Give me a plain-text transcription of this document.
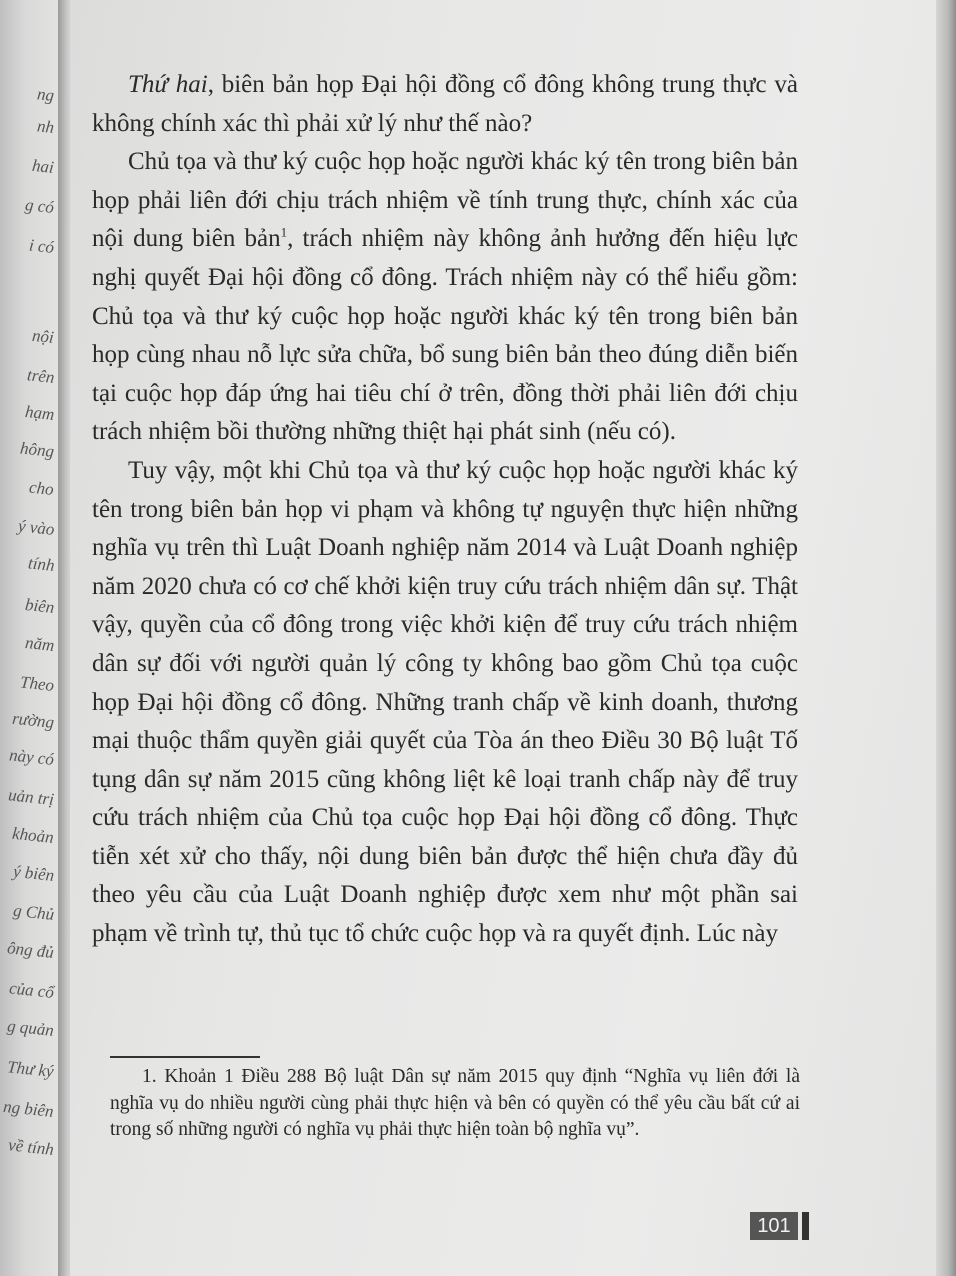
ng
nh
hai
g có
i có
nội
trên
hạm
hông
cho
ý vào
tính
biên
năm
Theo
rường
này có
uản trị
khoản
ý biên
g Chủ
ông đủ
của cổ
g quản
Thư ký
ng biên
về tính

Thứ hai, biên bản họp Đại hội đồng cổ đông không trung thực và không chính xác thì phải xử lý như thế nào?

Chủ tọa và thư ký cuộc họp hoặc người khác ký tên trong biên bản họp phải liên đới chịu trách nhiệm về tính trung thực, chính xác của nội dung biên bản$^1$, trách nhiệm này không ảnh hưởng đến hiệu lực nghị quyết Đại hội đồng cổ đông. Trách nhiệm này có thể hiểu gồm: Chủ tọa và thư ký cuộc họp hoặc người khác ký tên trong biên bản họp cùng nhau nỗ lực sửa chữa, bổ sung biên bản theo đúng diễn biến tại cuộc họp đáp ứng hai tiêu chí ở trên, đồng thời phải liên đới chịu trách nhiệm bồi thường những thiệt hại phát sinh (nếu có).

Tuy vậy, một khi Chủ tọa và thư ký cuộc họp hoặc người khác ký tên trong biên bản họp vi phạm và không tự nguyện thực hiện những nghĩa vụ trên thì Luật Doanh nghiệp năm 2014 và Luật Doanh nghiệp năm 2020 chưa có cơ chế khởi kiện truy cứu trách nhiệm dân sự. Thật vậy, quyền của cổ đông trong việc khởi kiện để truy cứu trách nhiệm dân sự đối với người quản lý công ty không bao gồm Chủ tọa cuộc họp Đại hội đồng cổ đông. Những tranh chấp về kinh doanh, thương mại thuộc thẩm quyền giải quyết của Tòa án theo Điều 30 Bộ luật Tố tụng dân sự năm 2015 cũng không liệt kê loại tranh chấp này để truy cứu trách nhiệm của Chủ tọa cuộc họp Đại hội đồng cổ đông. Thực tiễn xét xử cho thấy, nội dung biên bản được thể hiện chưa đầy đủ theo yêu cầu của Luật Doanh nghiệp được xem như một phần sai phạm về trình tự, thủ tục tổ chức cuộc họp và ra quyết định. Lúc này

1. Khoản 1 Điều 288 Bộ luật Dân sự năm 2015 quy định “Nghĩa vụ liên đới là nghĩa vụ do nhiều người cùng phải thực hiện và bên có quyền có thể yêu cầu bất cứ ai trong số những người có nghĩa vụ phải thực hiện toàn bộ nghĩa vụ”.

101
